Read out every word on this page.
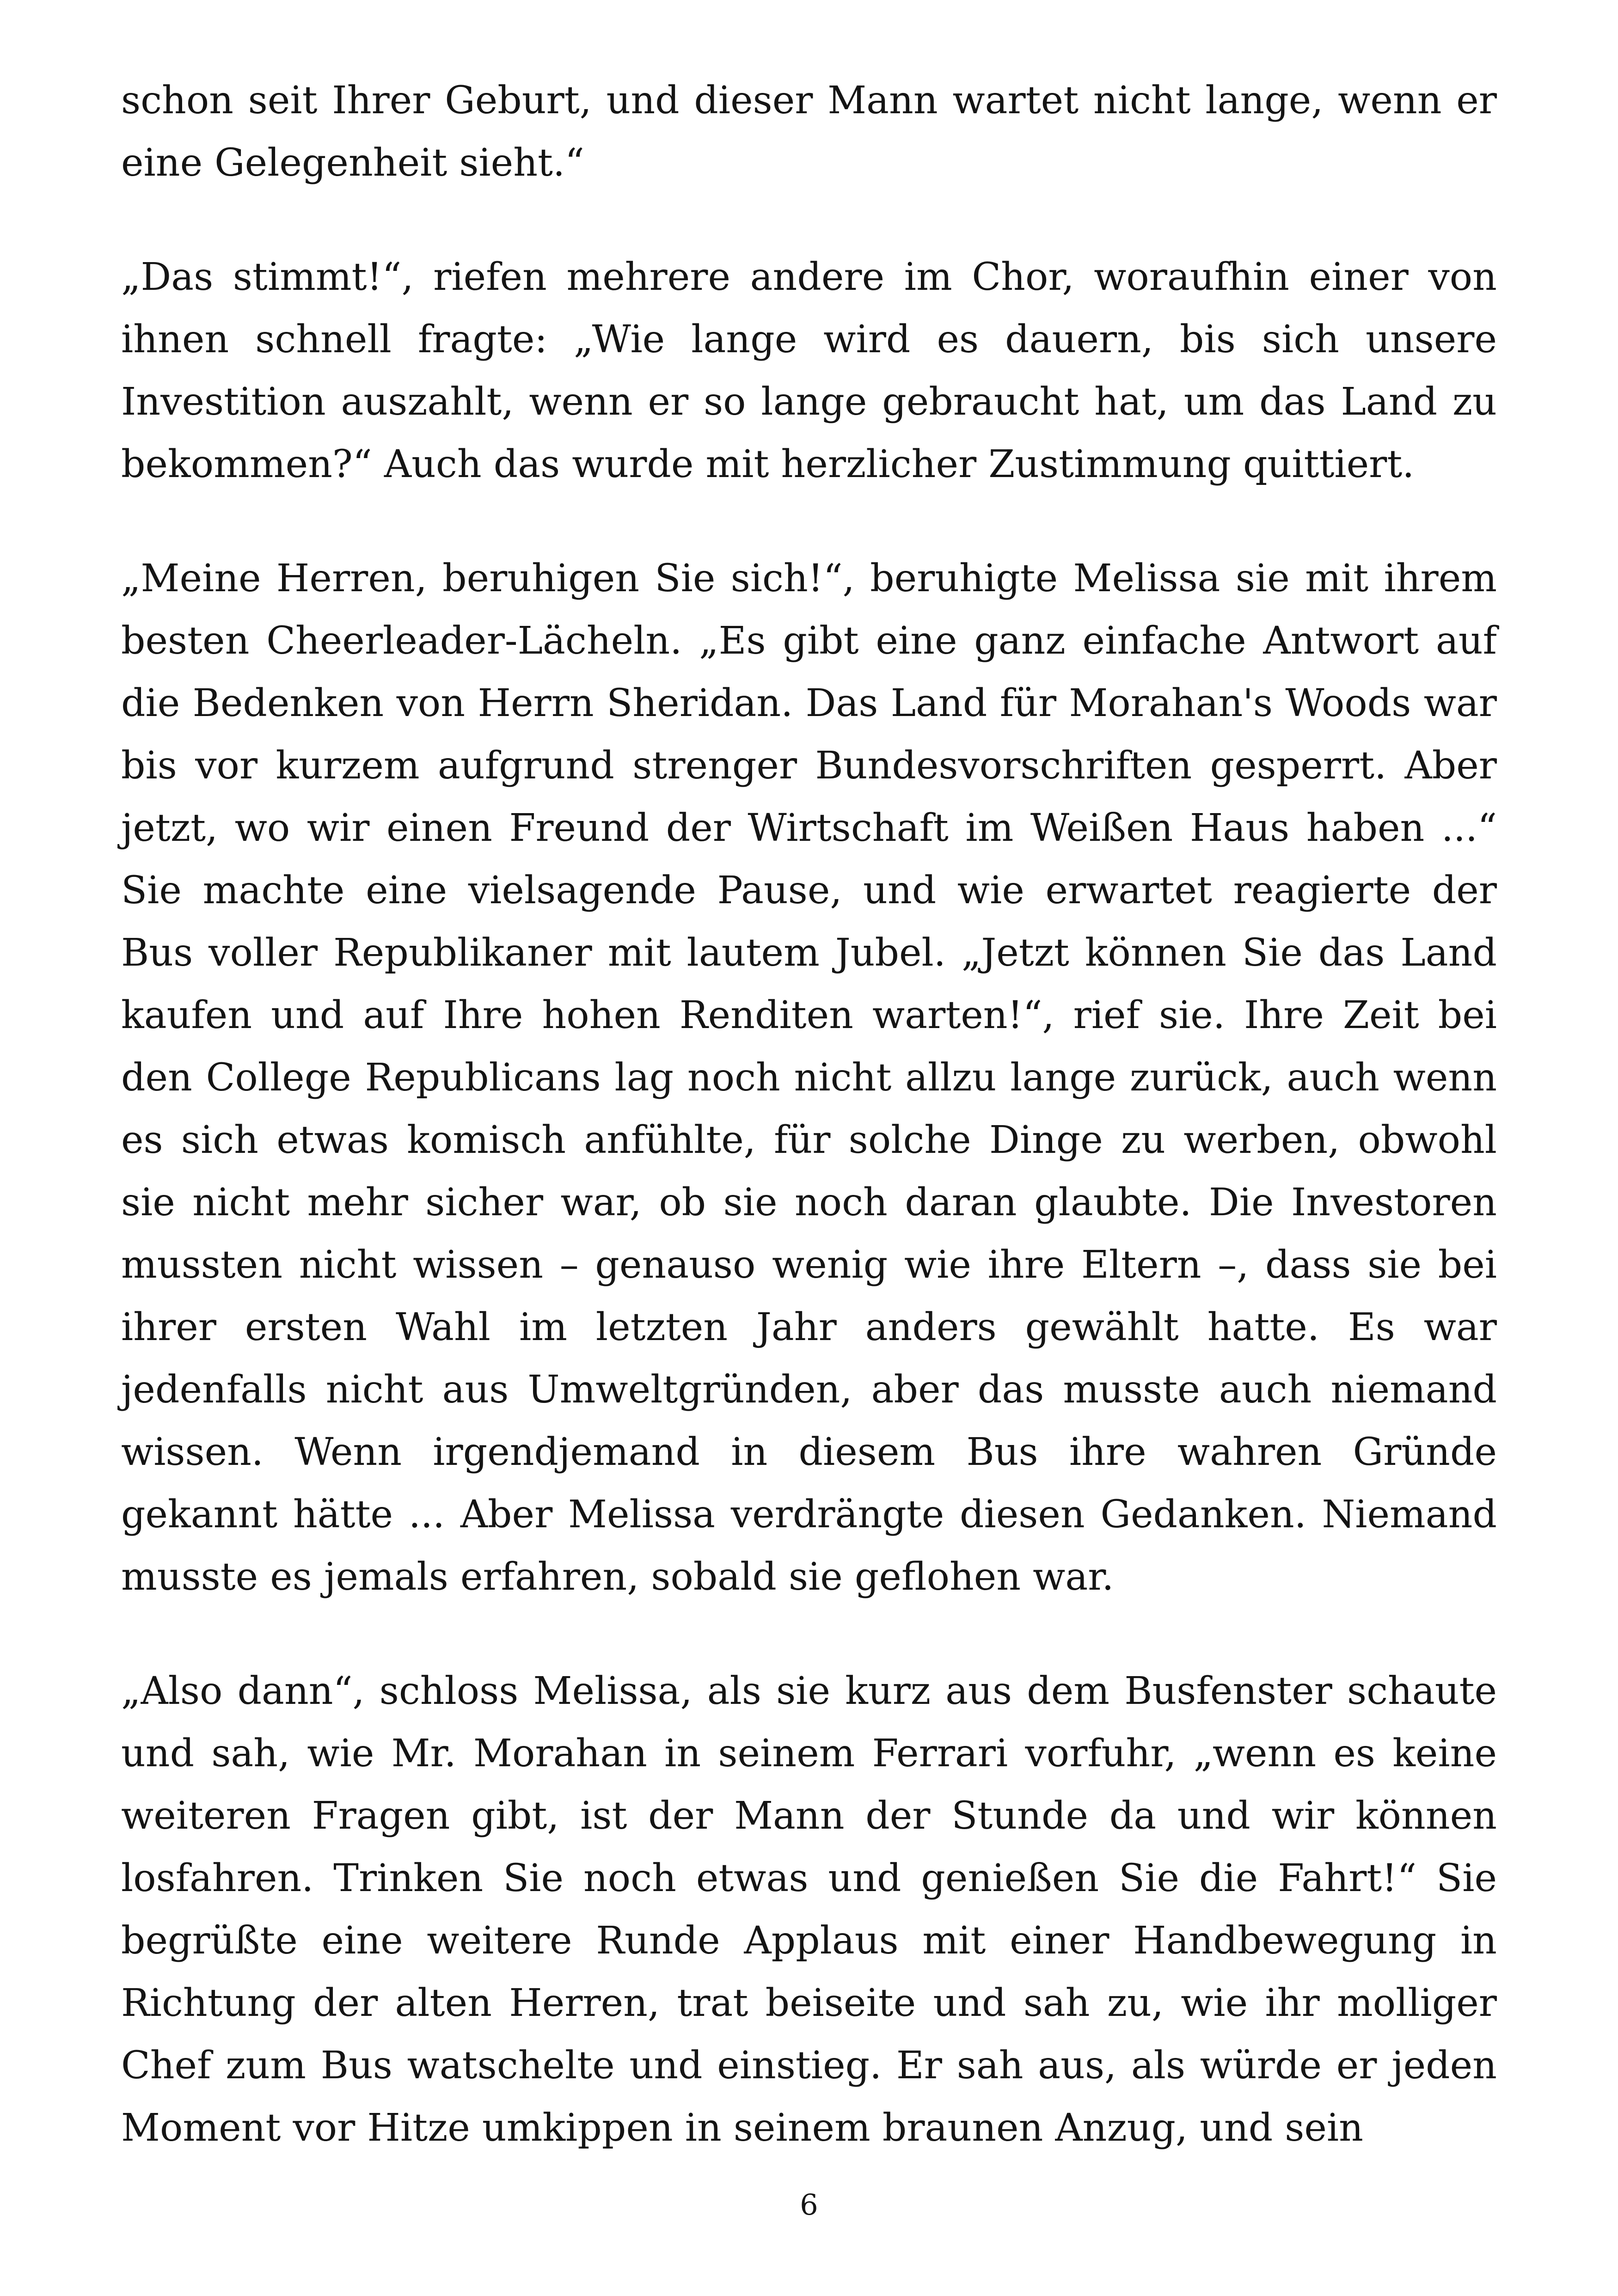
schon seit Ihrer Geburt, und dieser Mann wartet nicht lange, wenn er eine Gelegenheit sieht.“

„Das stimmt!“, riefen mehrere andere im Chor, woraufhin einer von ihnen schnell fragte: „Wie lange wird es dauern, bis sich unsere Investition auszahlt, wenn er so lange gebraucht hat, um das Land zu bekommen?“ Auch das wurde mit herzlicher Zustimmung quittiert.

„Meine Herren, beruhigen Sie sich!“, beruhigte Melissa sie mit ihrem besten Cheerleader-Lächeln. „Es gibt eine ganz einfache Antwort auf die Bedenken von Herrn Sheridan. Das Land für Morahan's Woods war bis vor kurzem aufgrund strenger Bundesvorschriften gesperrt. Aber jetzt, wo wir einen Freund der Wirtschaft im Weißen Haus haben ...“ Sie machte eine vielsagende Pause, und wie erwartet reagierte der Bus voller Republikaner mit lautem Jubel. „Jetzt können Sie das Land kaufen und auf Ihre hohen Renditen warten!“, rief sie. Ihre Zeit bei den College Republicans lag noch nicht allzu lange zurück, auch wenn es sich etwas komisch anfühlte, für solche Dinge zu werben, obwohl sie nicht mehr sicher war, ob sie noch daran glaubte. Die Investoren mussten nicht wissen – genauso wenig wie ihre Eltern –, dass sie bei ihrer ersten Wahl im letzten Jahr anders gewählt hatte. Es war jedenfalls nicht aus Umweltgründen, aber das musste auch niemand wissen. Wenn irgendjemand in diesem Bus ihre wahren Gründe gekannt hätte ... Aber Melissa verdrängte diesen Gedanken. Niemand musste es jemals erfahren, sobald sie geflohen war.

„Also dann“, schloss Melissa, als sie kurz aus dem Busfenster schaute und sah, wie Mr. Morahan in seinem Ferrari vorfuhr, „wenn es keine weiteren Fragen gibt, ist der Mann der Stunde da und wir können losfahren. Trinken Sie noch etwas und genießen Sie die Fahrt!“ Sie begrüßte eine weitere Runde Applaus mit einer Handbewegung in Richtung der alten Herren, trat beiseite und sah zu, wie ihr molliger Chef zum Bus watschelte und einstieg. Er sah aus, als würde er jeden Moment vor Hitze umkippen in seinem braunen Anzug, und sein

6
